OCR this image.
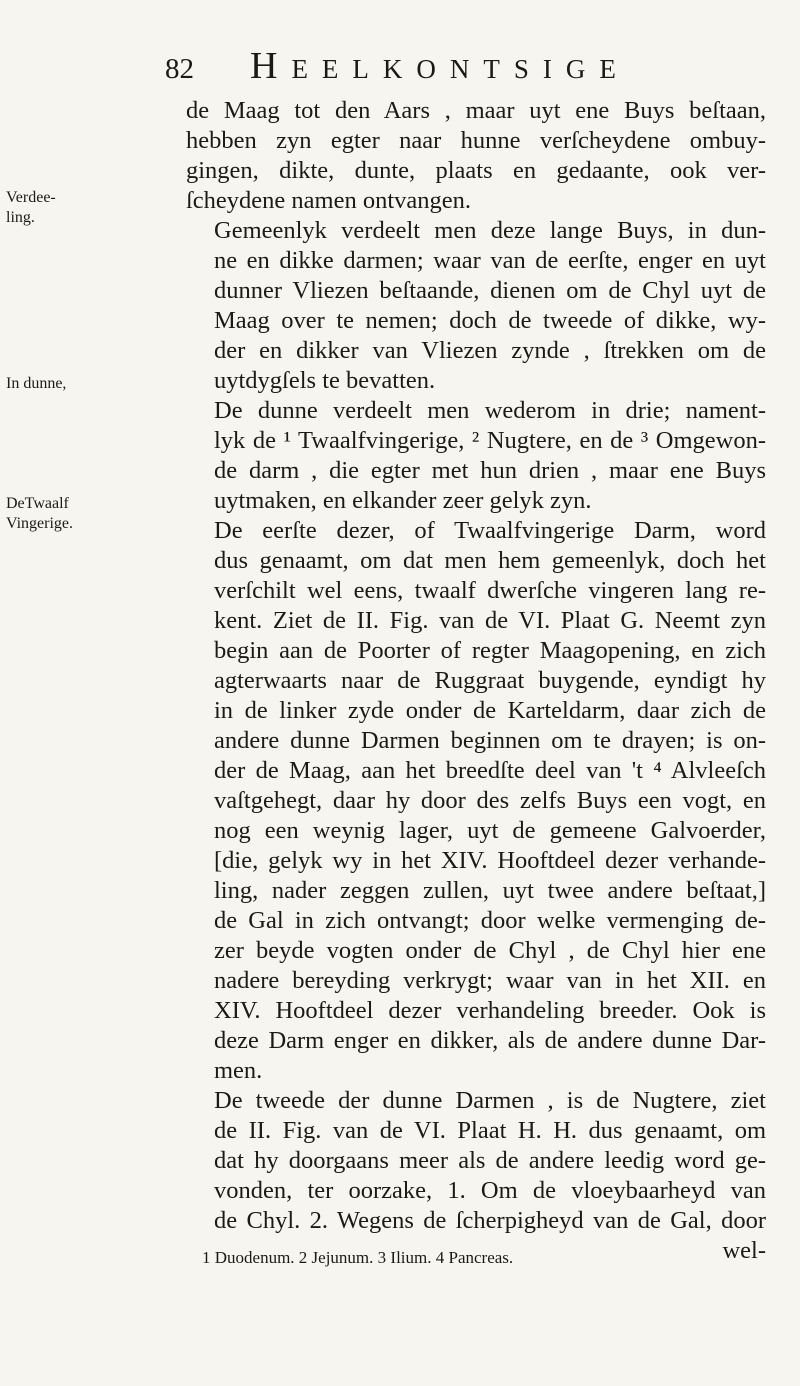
82	Heelkontsige
Verdee-
ling.
In dunne,
DeTwaalf
Vingerige.

de Maag tot den Aars , maar uyt ene Buys beſtaan,
hebben zyn egter naar hunne verſcheydene ombuy-
gingen, dikte, dunte, plaats en gedaante, ook ver-
ſcheydene namen ontvangen.

Gemeenlyk verdeelt men deze lange Buys, in dun-
ne en dikke darmen; waar van de eerſte, enger en uyt
dunner Vliezen beſtaande, dienen om de Chyl uyt de
Maag over te nemen; doch de tweede of dikke, wy-
der en dikker van Vliezen zynde , ſtrekken om de
uytdygſels te bevatten.

De dunne verdeelt men wederom in drie; nament-
lyk de ¹ Twaalfvingerige, ² Nugtere, en de ³ Omgewon-
de darm , die egter met hun drien , maar ene Buys
uytmaken, en elkander zeer gelyk zyn.

De eerſte dezer, of Twaalfvingerige Darm, word
dus genaamt, om dat men hem gemeenlyk, doch het
verſchilt wel eens, twaalf dwerſche vingeren lang re-
kent. Ziet de II. Fig. van de VI. Plaat G. Neemt zyn
begin aan de Poorter of regter Maagopening, en zich
agterwaarts naar de Ruggraat buygende, eyndigt hy
in de linker zyde onder de Karteldarm, daar zich de
andere dunne Darmen beginnen om te drayen; is on-
der de Maag, aan het breedſte deel van 't ⁴ Alvleeſch
vaſtgehegt, daar hy door des zelfs Buys een vogt, en
nog een weynig lager, uyt de gemeene Galvoerder,
[die, gelyk wy in het XIV. Hooftdeel dezer verhande-
ling, nader zeggen zullen, uyt twee andere beſtaat,]
de Gal in zich ontvangt; door welke vermenging de-
zer beyde vogten onder de Chyl , de Chyl hier ene
nadere bereyding verkrygt; waar van in het XII. en
XIV. Hooftdeel dezer verhandeling breeder. Ook is
deze Darm enger en dikker, als de andere dunne Dar-
men.

De tweede der dunne Darmen , is de Nugtere, ziet
de II. Fig. van de VI. Plaat H. H. dus genaamt, om
dat hy doorgaans meer als de andere leedig word ge-
vonden, ter oorzake, 1. Om de vloeybaarheyd van
de Chyl. 2. Wegens de ſcherpigheyd van de Gal, door
wel-

1 Duodenum. 2 Jejunum. 3 Ilium. 4 Pancreas.
